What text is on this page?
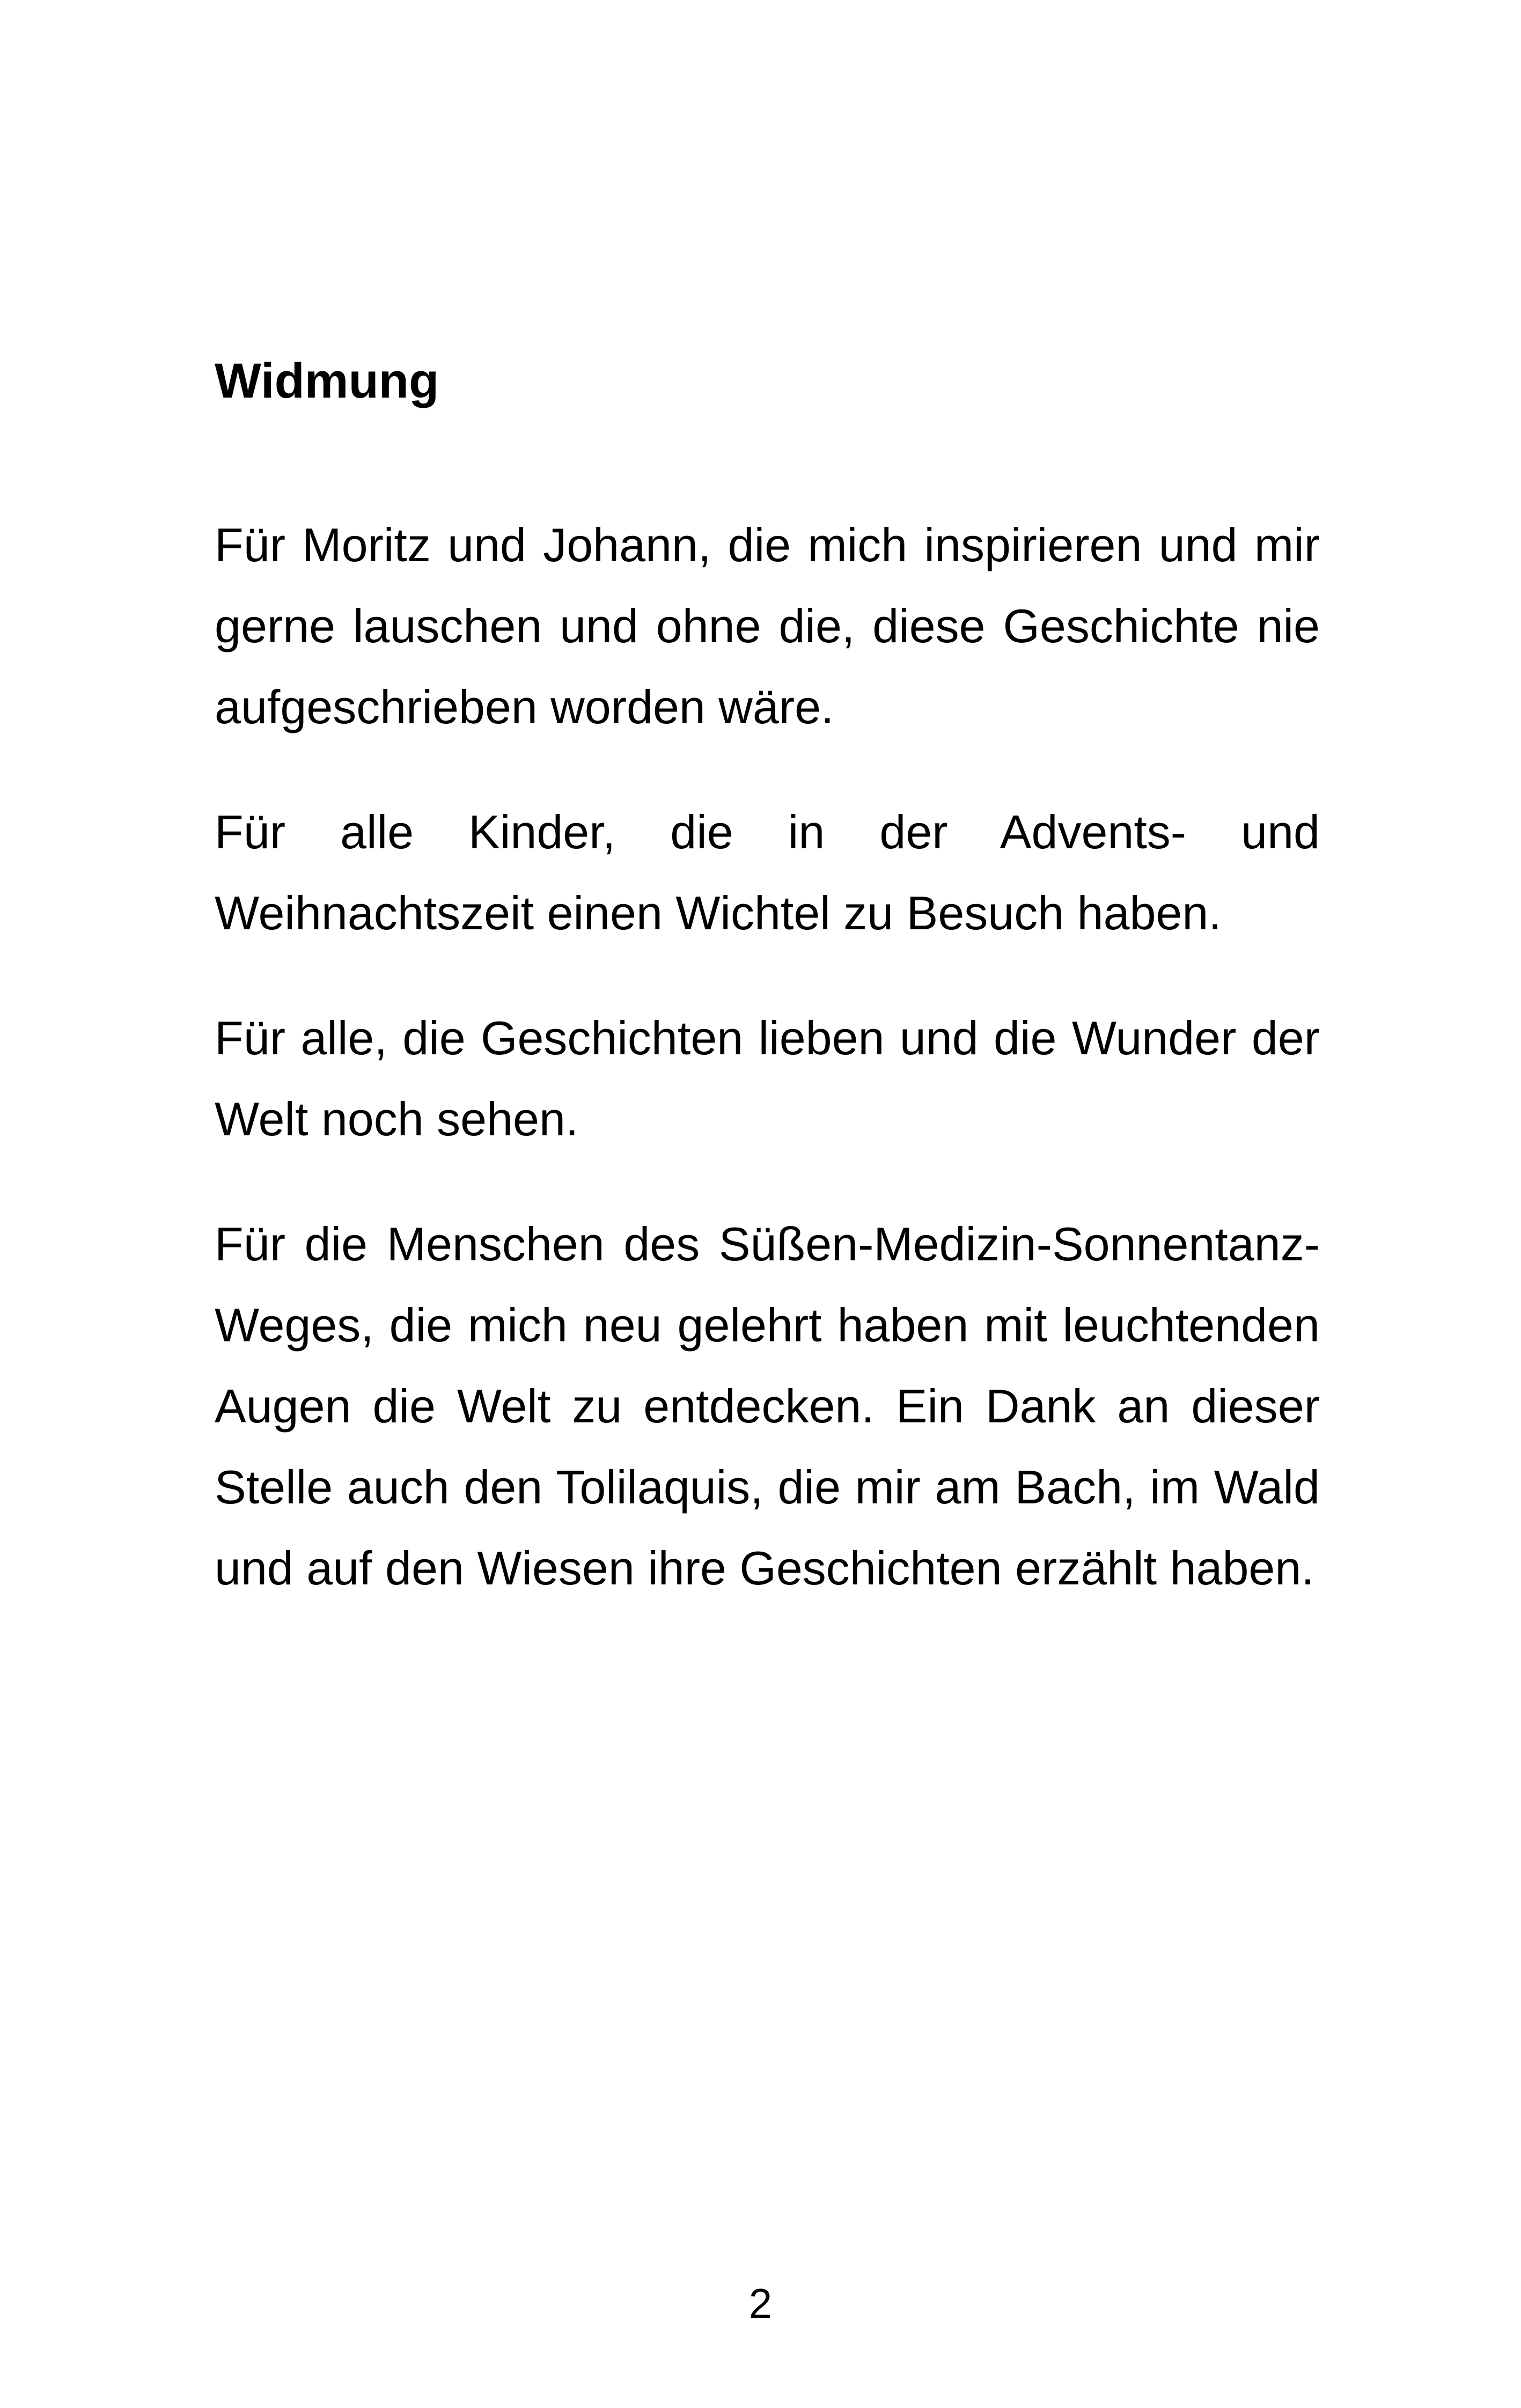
Widmung

Für Moritz und Johann, die mich inspirieren und mir gerne lauschen und ohne die, diese Geschichte nie aufgeschrieben worden wäre.

Für alle Kinder, die in der Advents- und Weihnachtszeit einen Wichtel zu Besuch haben.

Für alle, die Geschichten lieben und die Wunder der Welt noch sehen.

Für die Menschen des Süßen-Medizin-Sonnentanz-Weges, die mich neu gelehrt haben mit leuchtenden Augen die Welt zu entdecken. Ein Dank an dieser Stelle auch den Tolilaquis, die mir am Bach, im Wald und auf den Wiesen ihre Geschichten erzählt haben.

2
